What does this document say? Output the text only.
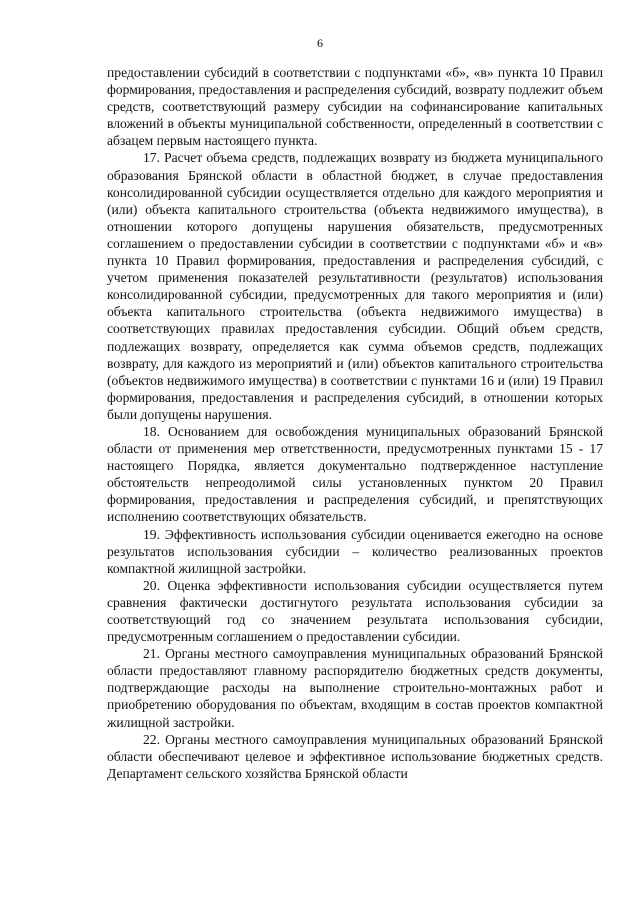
6

предоставлении субсидий в соответствии с подпунктами «б», «в» пункта 10 Правил формирования, предоставления и распределения субсидий, возврату подлежит объем средств, соответствующий размеру субсидии на софинансирование капитальных вложений в объекты муниципальной собственности, определенный в соответствии с абзацем первым настоящего пункта.

17. Расчет объема средств, подлежащих возврату из бюджета муниципального образования Брянской области в областной бюджет, в случае предоставления консолидированной субсидии осуществляется отдельно для каждого мероприятия и (или) объекта капитального строительства (объекта недвижимого имущества), в отношении которого допущены нарушения обязательств, предусмотренных соглашением о предоставлении субсидии в соответствии с подпунктами «б» и «в» пункта 10 Правил формирования, предоставления и распределения субсидий, с учетом применения показателей результативности (результатов) использования консолидированной субсидии, предусмотренных для такого мероприятия и (или) объекта капитального строительства (объекта недвижимого имущества) в соответствующих правилах предоставления субсидии. Общий объем средств, подлежащих возврату, определяется как сумма объемов средств, подлежащих возврату, для каждого из мероприятий и (или) объектов капитального строительства (объектов недвижимого имущества) в соответствии с пунктами 16 и (или) 19 Правил формирования, предоставления и распределения субсидий, в отношении которых были допущены нарушения.

18. Основанием для освобождения муниципальных образований Брянской области от применения мер ответственности, предусмотренных пунктами 15 - 17 настоящего Порядка, является документально подтвержденное наступление обстоятельств непреодолимой силы установленных пунктом 20 Правил формирования, предоставления и распределения субсидий, и препятствующих исполнению соответствующих обязательств.

19. Эффективность использования субсидии оценивается ежегодно на основе результатов использования субсидии – количество реализованных проектов компактной жилищной застройки.

20. Оценка эффективности использования субсидии осуществляется путем сравнения фактически достигнутого результата использования субсидии за соответствующий год со значением результата использования субсидии, предусмотренным соглашением о предоставлении субсидии.

21. Органы местного самоуправления муниципальных образований Брянской области предоставляют главному распорядителю бюджетных средств документы, подтверждающие расходы на выполнение строительно-монтажных работ и приобретению оборудования по объектам, входящим в состав проектов компактной жилищной застройки.

22. Органы местного самоуправления муниципальных образований Брянской области обеспечивают целевое и эффективное использование бюджетных средств. Департамент сельского хозяйства Брянской области
